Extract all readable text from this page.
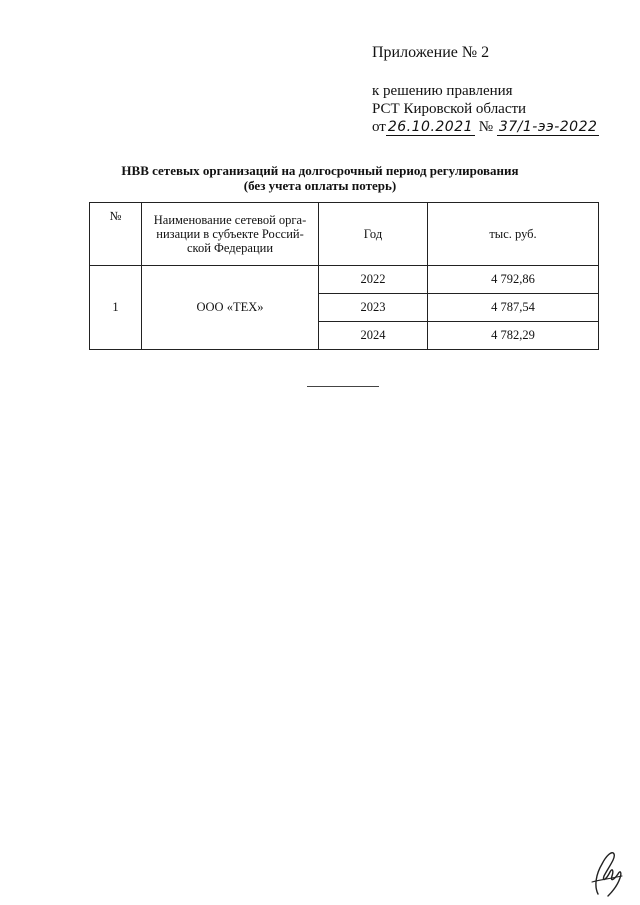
Приложение № 2
к решению правления
РСТ Кировской области
от 26.10.2021 № 37/1-ээ-2022
НВВ сетевых организаций на долгосрочный период регулирования
(без учета оплаты потерь)
№	Наименование сетевой орга-низации в субъекте Россий-ской Федерации	Год	тыс. руб.
1	ООО «ТЕХ»	2022	4 792,86
		2023	4 787,54
		2024	4 782,29
